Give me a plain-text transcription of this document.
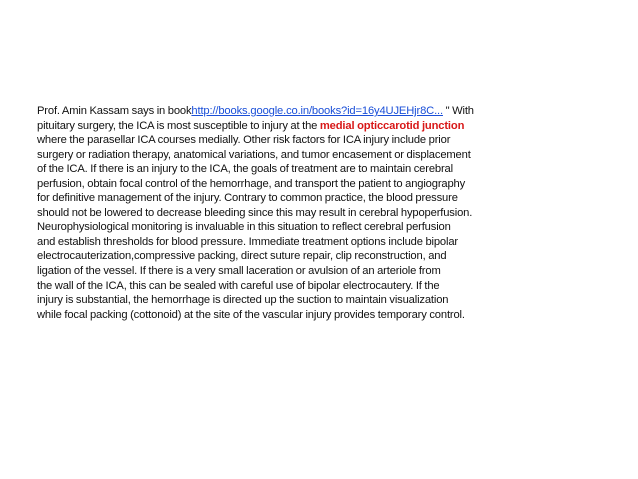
Prof. Amin Kassam says in bookhttp://books.google.co.in/books?id=16y4UJEHjr8C... " With
pituitary surgery, the ICA is most susceptible to injury at the medial opticcarotid junction
where the parasellar ICA courses medially. Other risk factors for ICA injury include prior
surgery or radiation therapy, anatomical variations, and tumor encasement or displacement
of the ICA. If there is an injury to the ICA, the goals of treatment are to maintain cerebral
perfusion, obtain focal control of the hemorrhage, and transport the patient to angiography
for definitive management of the injury. Contrary to common practice, the blood pressure
should not be lowered to decrease bleeding since this may result in cerebral hypoperfusion.
Neurophysiological monitoring is invaluable in this situation to reflect cerebral perfusion
and establish thresholds for blood pressure. Immediate treatment options include bipolar
electrocauterization,compressive packing, direct suture repair, clip reconstruction, and
ligation of the vessel. If there is a very small laceration or avulsion of an arteriole from
the wall of the ICA, this can be sealed with careful use of bipolar electrocautery. If the
injury is substantial, the hemorrhage is directed up the suction to maintain visualization
while focal packing (cottonoid) at the site of the vascular injury provides temporary control.
